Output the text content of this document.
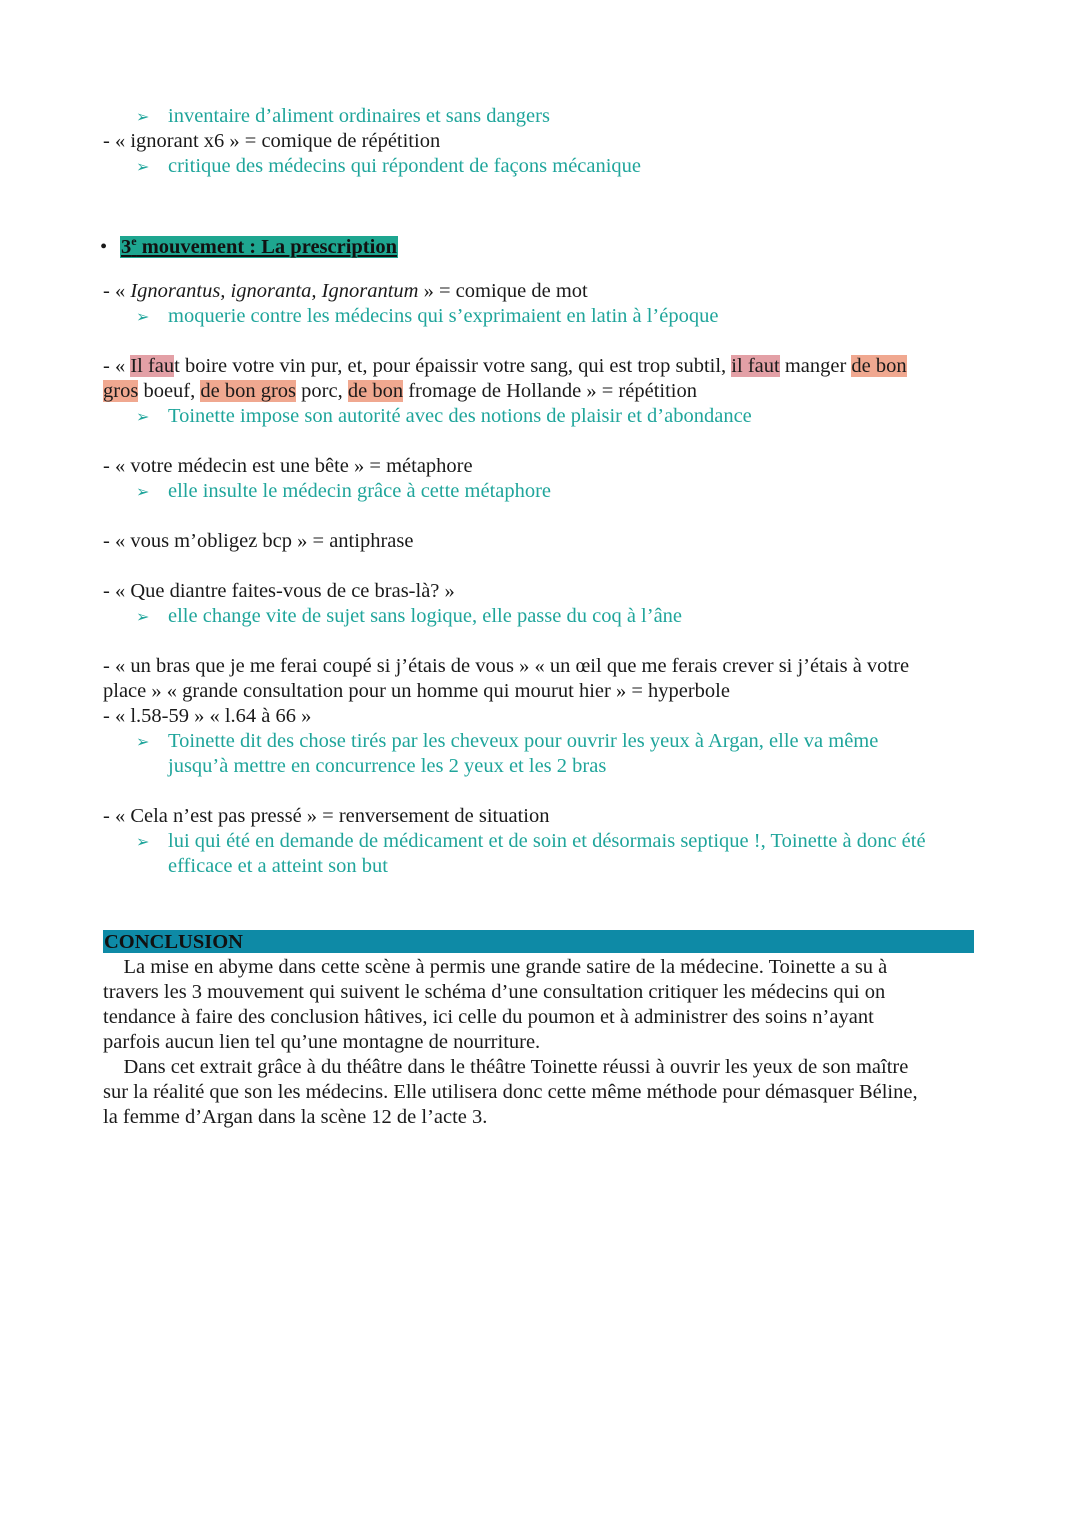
➢ inventaire d’aliment ordinaires et sans dangers
- « ignorant x6 » = comique de répétition
➢ critique des médecins qui répondent de façons mécanique
• 3e mouvement : La prescription
- « Ignorantus, ignoranta, Ignorantum » = comique de mot
➢ moquerie contre les médecins qui s’exprimaient en latin à l’époque
- « Il faut boire votre vin pur, et, pour épaissir votre sang, qui est trop subtil, il faut manger de bon
gros boeuf, de bon gros porc, de bon fromage de Hollande » = répétition
➢ Toinette impose son autorité avec des notions de plaisir et d’abondance
- « votre médecin est une bête » = métaphore
➢ elle insulte le médecin grâce à cette métaphore
- « vous m’obligez bcp » = antiphrase
- « Que diantre faites-vous de ce bras-là? »
➢ elle change vite de sujet sans logique, elle passe du coq à l’âne
- « un bras que je me ferai coupé si j’étais de vous » « un œil que me ferais crever si j’étais à votre
place » « grande consultation pour un homme qui mourut hier » = hyperbole
- « l.58-59 » « l.64 à 66 »
➢ Toinette dit des chose tirés par les cheveux pour ouvrir les yeux à Argan, elle va même
jusqu’à mettre en concurrence les 2 yeux et les 2 bras
- « Cela n’est pas pressé » = renversement de situation
➢ lui qui été en demande de médicament et de soin et désormais septique !, Toinette à donc été
efficace et a atteint son but
CONCLUSION
La mise en abyme dans cette scène à permis une grande satire de la médecine. Toinette a su à
travers les 3 mouvement qui suivent le schéma d’une consultation critiquer les médecins qui on
tendance à faire des conclusion hâtives, ici celle du poumon et à administrer des soins n’ayant
parfois aucun lien tel qu’une montagne de nourriture.
Dans cet extrait grâce à du théâtre dans le théâtre Toinette réussi à ouvrir les yeux de son maître
sur la réalité que son les médecins. Elle utilisera donc cette même méthode pour démasquer Béline,
la femme d’Argan dans la scène 12 de l’acte 3.
